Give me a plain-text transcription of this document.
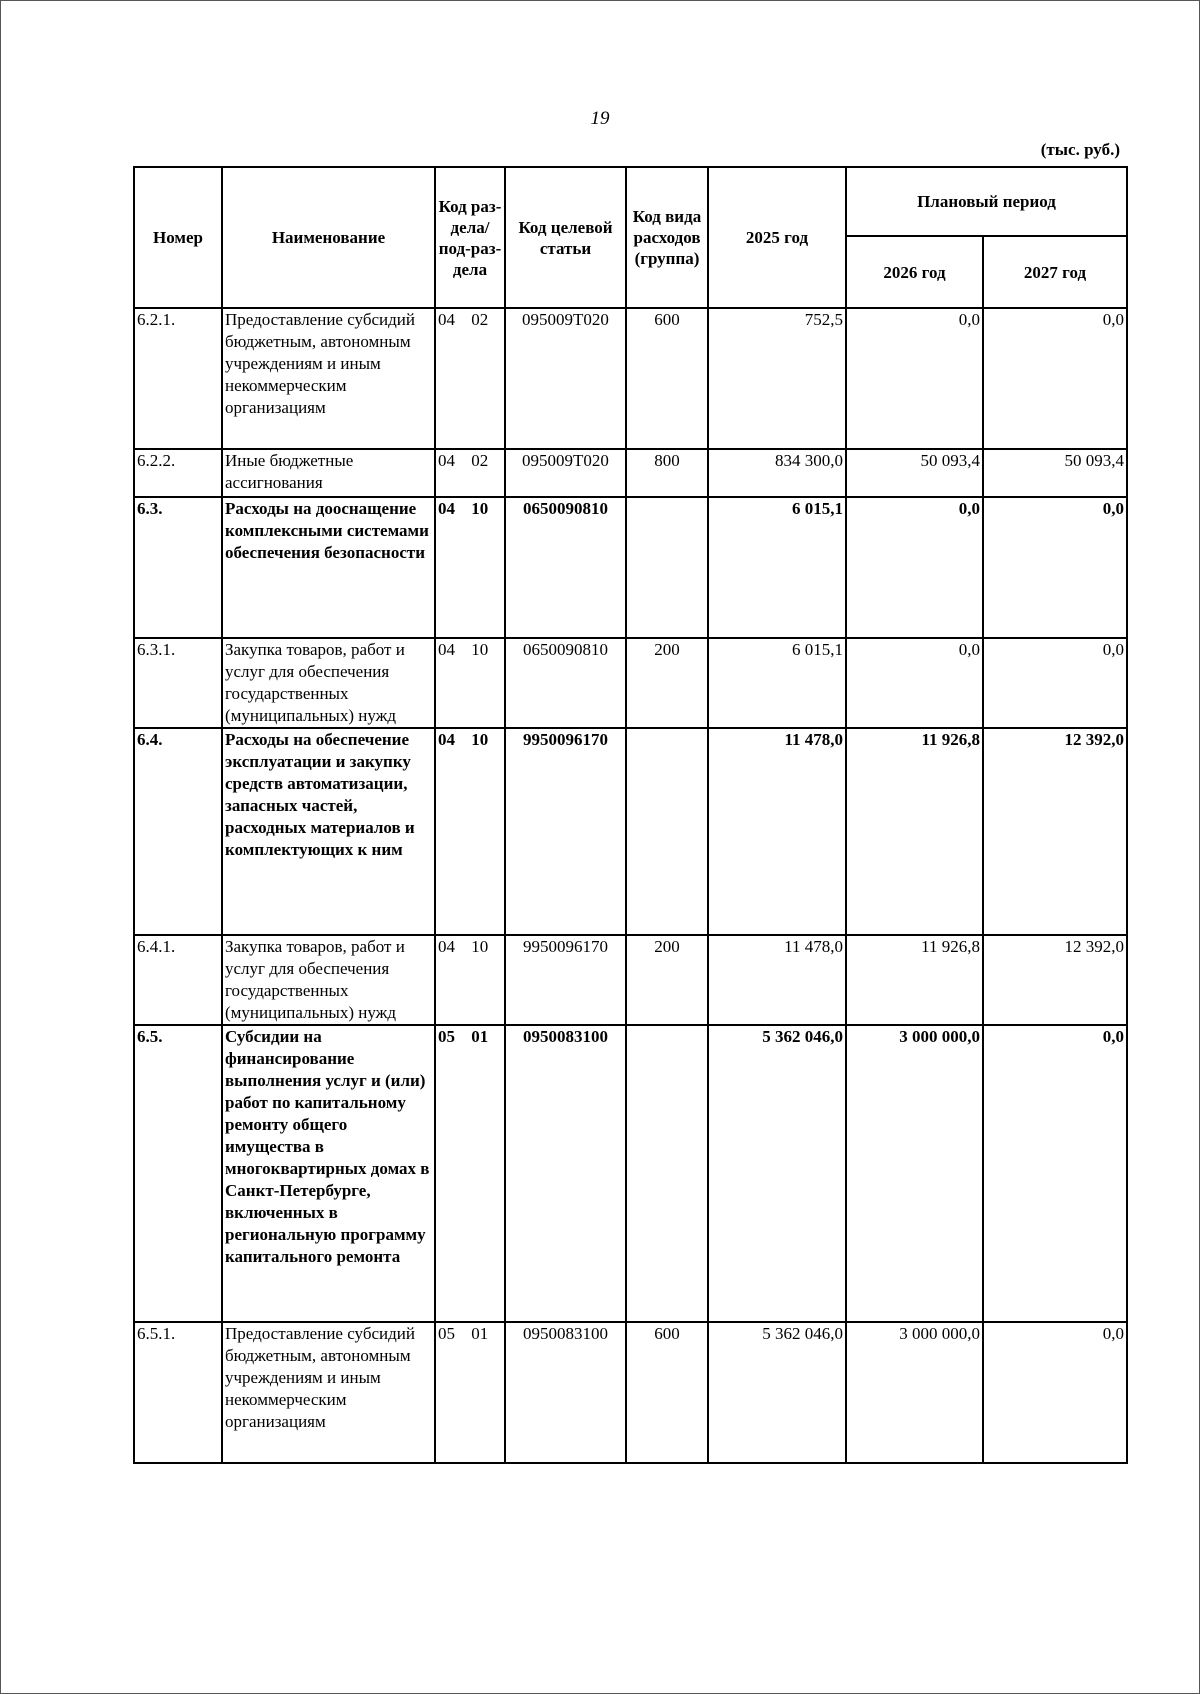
19
(тыс. руб.)
Номер	Наименование	Код раз-дела/ под-раз-дела	Код целевой статьи	Код вида расходов (группа)	2025 год	Плановый период	
						2026 год	2027 год
6.2.1.	Предоставление субсидий бюджетным, автономным учреждениям и иным некоммерческим организациям	04 02	095009Т020	600	752,5	0,0	0,0
6.2.2.	Иные бюджетные ассигнования	04 02	095009Т020	800	834 300,0	50 093,4	50 093,4
6.3.	Расходы на дооснащение комплексными системами обеспечения безопасности	04 10	0650090810		6 015,1	0,0	0,0
6.3.1.	Закупка товаров, работ и услуг для обеспечения государственных (муниципальных) нужд	04 10	0650090810	200	6 015,1	0,0	0,0
6.4.	Расходы на обеспечение эксплуатации и закупку средств автоматизации, запасных частей, расходных материалов и комплектующих к ним	04 10	9950096170		11 478,0	11 926,8	12 392,0
6.4.1.	Закупка товаров, работ и услуг для обеспечения государственных (муниципальных) нужд	04 10	9950096170	200	11 478,0	11 926,8	12 392,0
6.5.	Субсидии на финансирование выполнения услуг и (или) работ по капитальному ремонту общего имущества в многоквартирных домах в Санкт-Петербурге, включенных в региональную программу капитального ремонта	05 01	0950083100		5 362 046,0	3 000 000,0	0,0
6.5.1.	Предоставление субсидий бюджетным, автономным учреждениям и иным некоммерческим организациям	05 01	0950083100	600	5 362 046,0	3 000 000,0	0,0
